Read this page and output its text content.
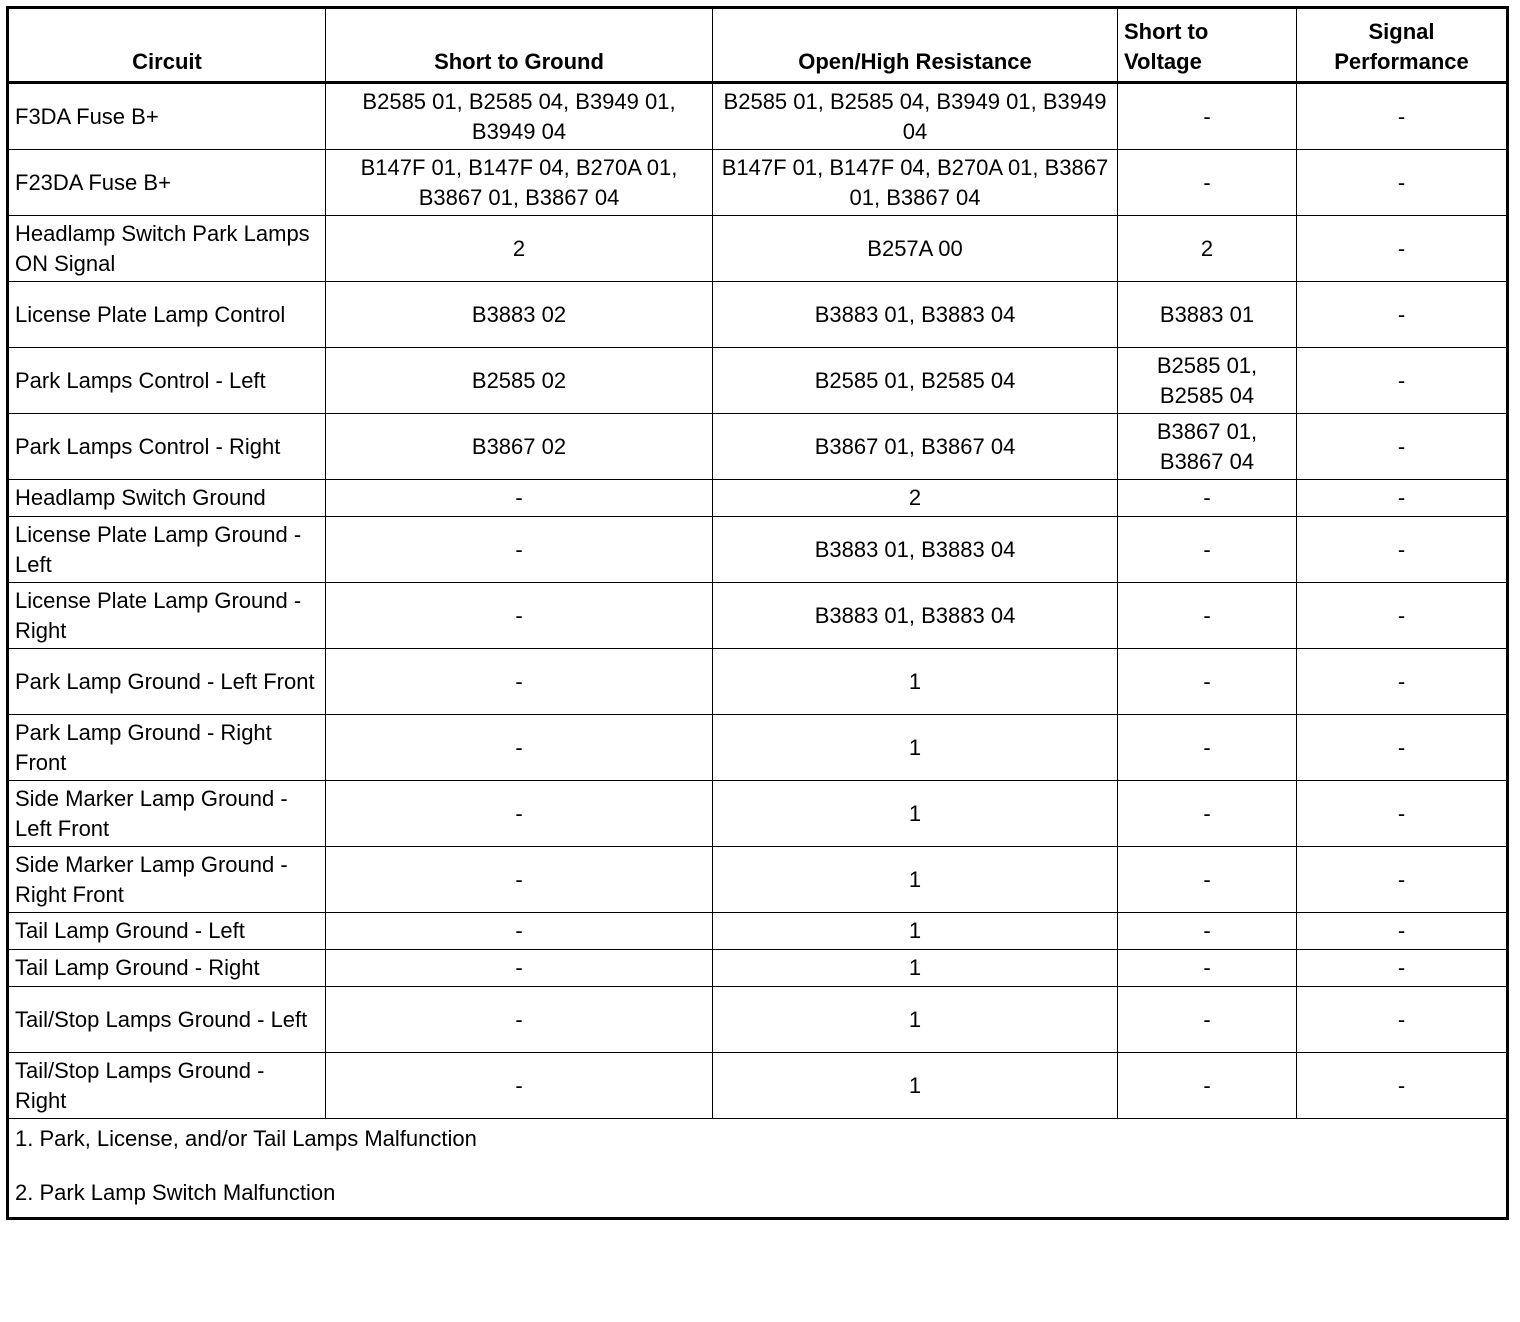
Circuit	Short to Ground	Open/High Resistance	Short to Voltage	Signal Performance
F3DA Fuse B+	B2585 01, B2585 04, B3949 01, B3949 04	B2585 01, B2585 04, B3949 01, B3949 04	-	-
F23DA Fuse B+	B147F 01, B147F 04, B270A 01, B3867 01, B3867 04	B147F 01, B147F 04, B270A 01, B3867 01, B3867 04	-	-
Headlamp Switch Park Lamps ON Signal	2	B257A 00	2	-
License Plate Lamp Control	B3883 02	B3883 01, B3883 04	B3883 01	-
Park Lamps Control - Left	B2585 02	B2585 01, B2585 04	B2585 01, B2585 04	-
Park Lamps Control - Right	B3867 02	B3867 01, B3867 04	B3867 01, B3867 04	-
Headlamp Switch Ground	-	2	-	-
License Plate Lamp Ground - Left	-	B3883 01, B3883 04	-	-
License Plate Lamp Ground - Right	-	B3883 01, B3883 04	-	-
Park Lamp Ground - Left Front	-	1	-	-
Park Lamp Ground - Right Front	-	1	-	-
Side Marker Lamp Ground - Left Front	-	1	-	-
Side Marker Lamp Ground - Right Front	-	1	-	-
Tail Lamp Ground - Left	-	1	-	-
Tail Lamp Ground - Right	-	1	-	-
Tail/Stop Lamps Ground - Left	-	1	-	-
Tail/Stop Lamps Ground - Right	-	1	-	-

1. Park, License, and/or Tail Lamps Malfunction
2. Park Lamp Switch Malfunction				
